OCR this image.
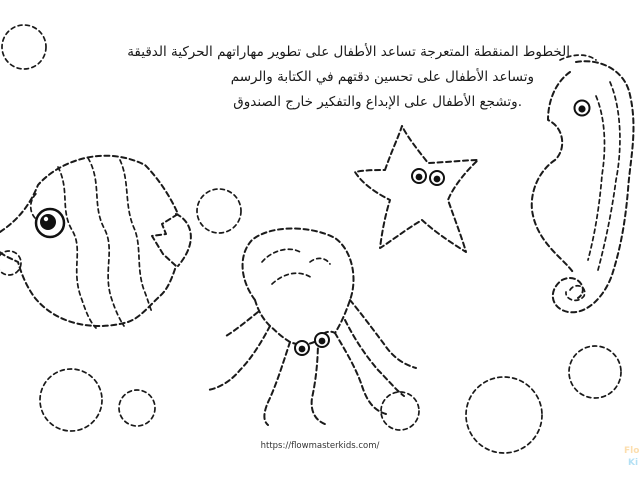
الخطوط المنقطة المتعرجة تساعد الأطفال على تطوير مهاراتهم الحركية الدقيقة

وتساعد الأطفال على تحسين دقتهم في الكتابة والرسم

.وتشجع الأطفال على الإبداع والتفكير خارج الصندوق

https://flowmasterkids.com/	Flo
Ki
